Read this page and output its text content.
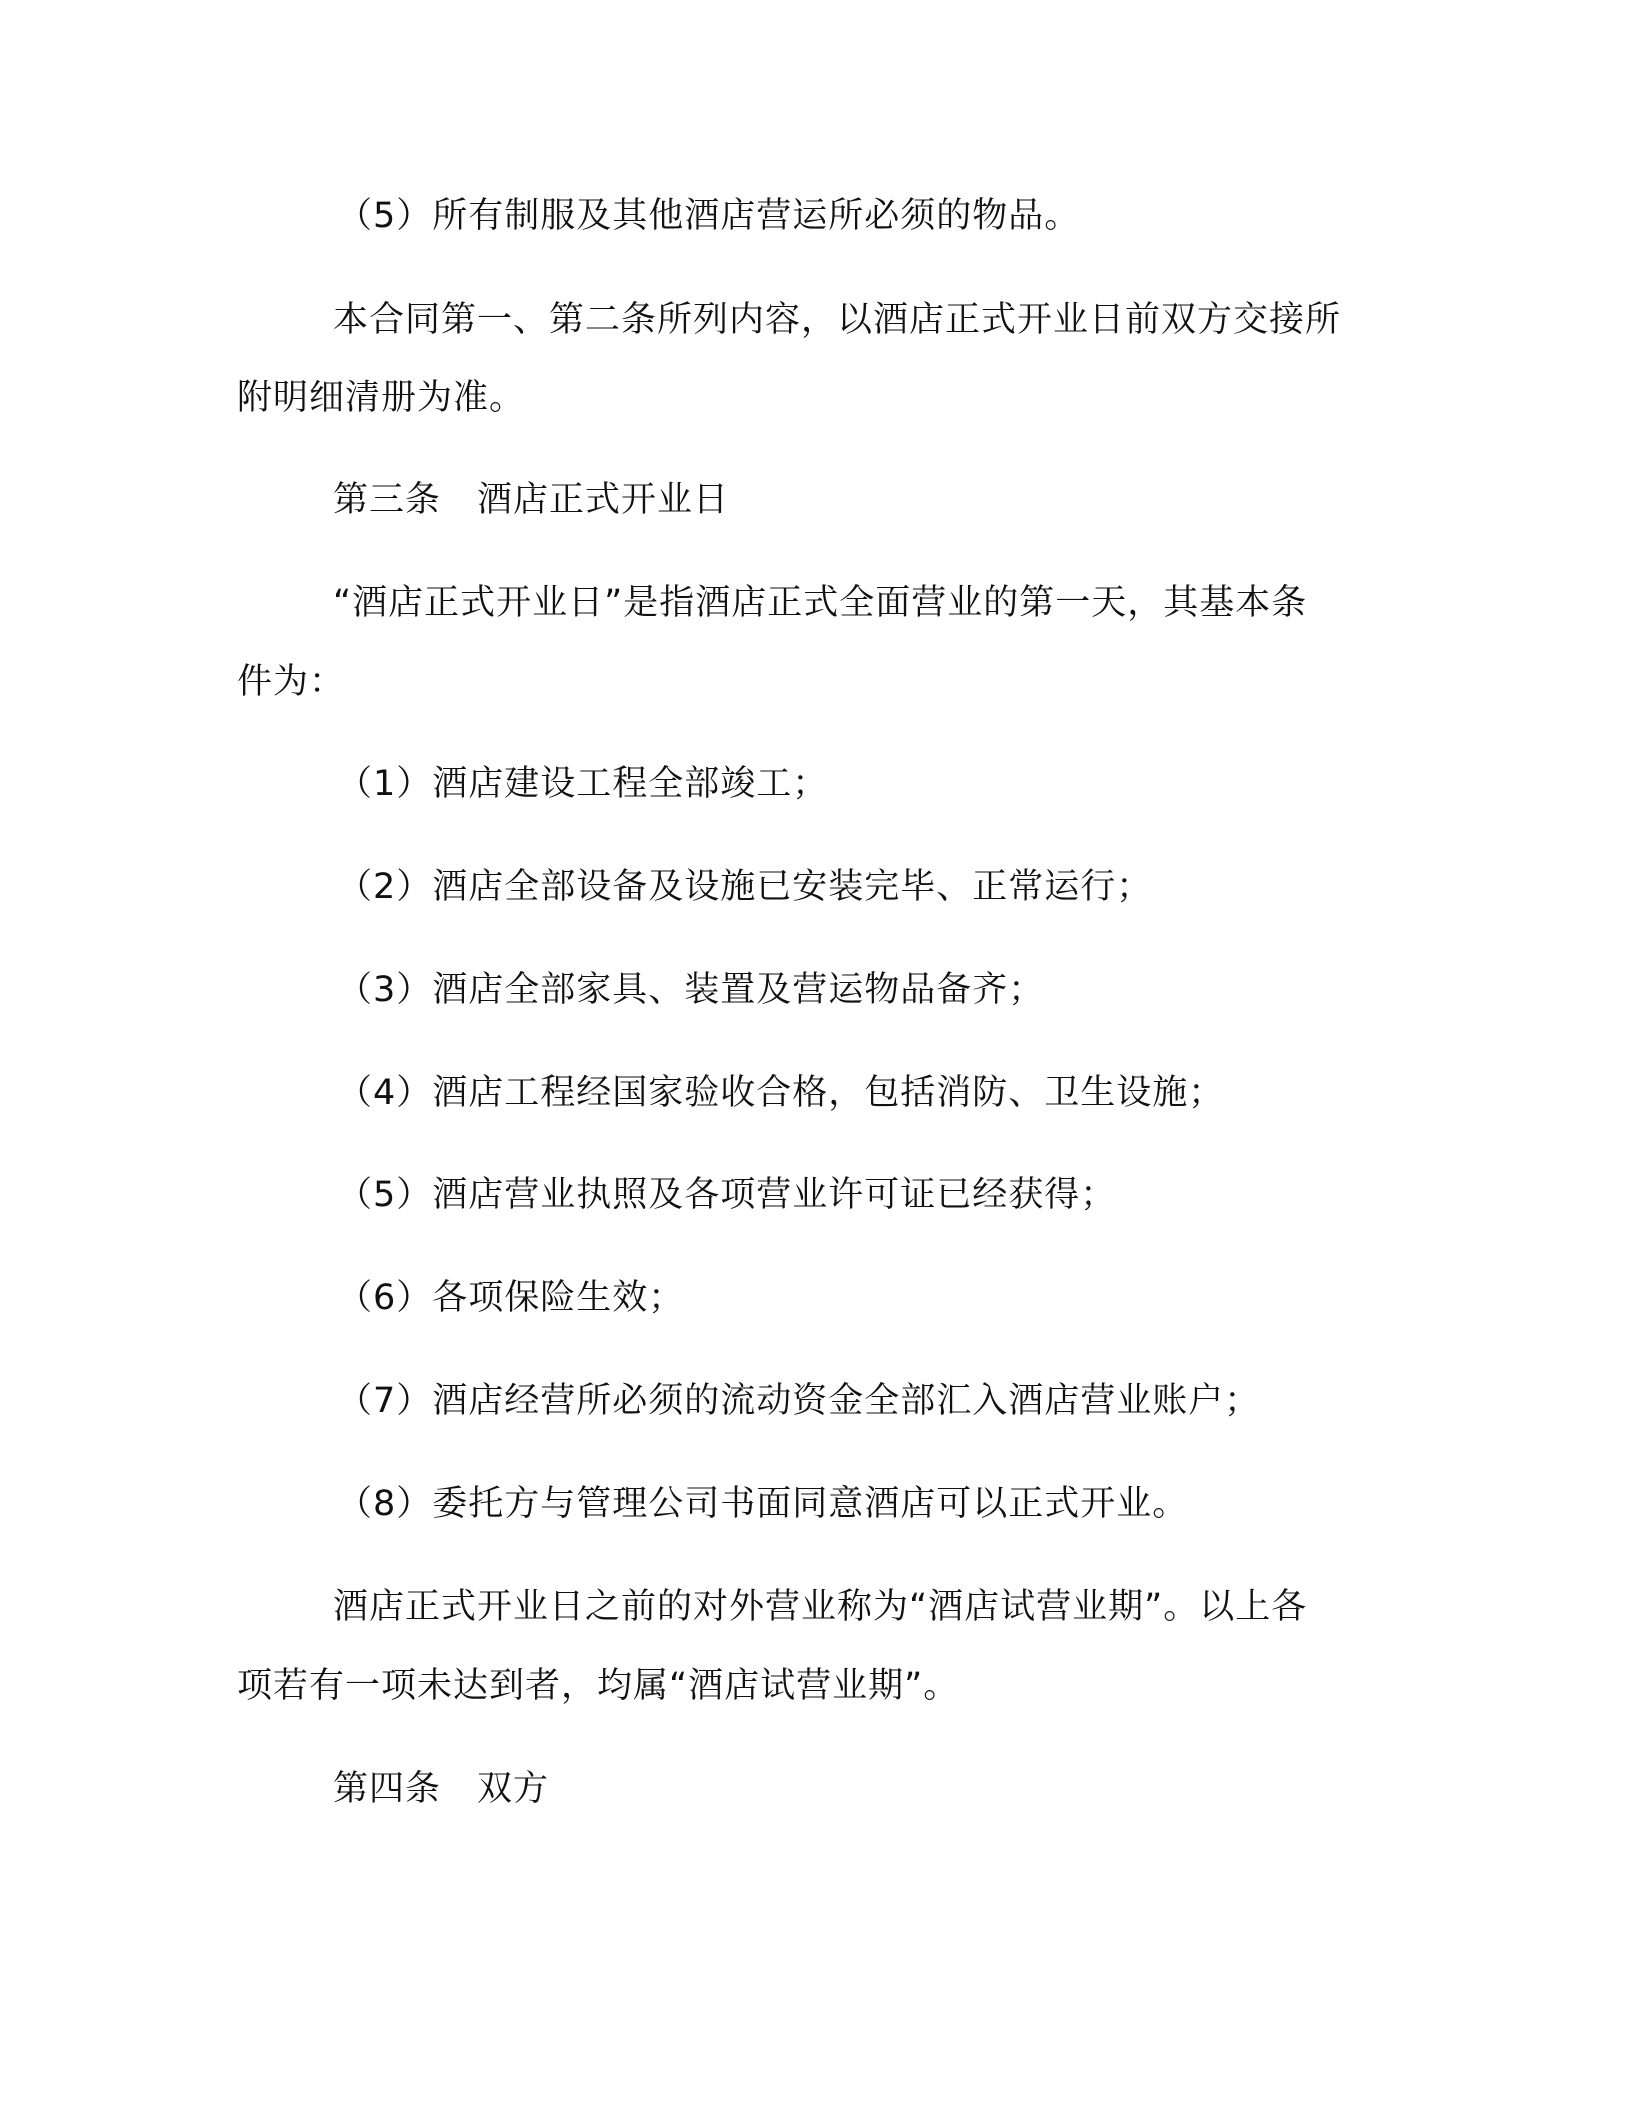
（5）所有制服及其他酒店营运所必须的物品。
本合同第一、第二条所列内容，以酒店正式开业日前双方交接所
附明细清册为准。
第三条　酒店正式开业日
“酒店正式开业日”是指酒店正式全面营业的第一天，其基本条
件为：
（1）酒店建设工程全部竣工；
（2）酒店全部设备及设施已安装完毕、正常运行；
（3）酒店全部家具、装置及营运物品备齐；
（4）酒店工程经国家验收合格，包括消防、卫生设施；
（5）酒店营业执照及各项营业许可证已经获得；
（6）各项保险生效；
（7）酒店经营所必须的流动资金全部汇入酒店营业账户；
（8）委托方与管理公司书面同意酒店可以正式开业。
酒店正式开业日之前的对外营业称为“酒店试营业期”。以上各
项若有一项未达到者，均属“酒店试营业期”。
第四条　双方
